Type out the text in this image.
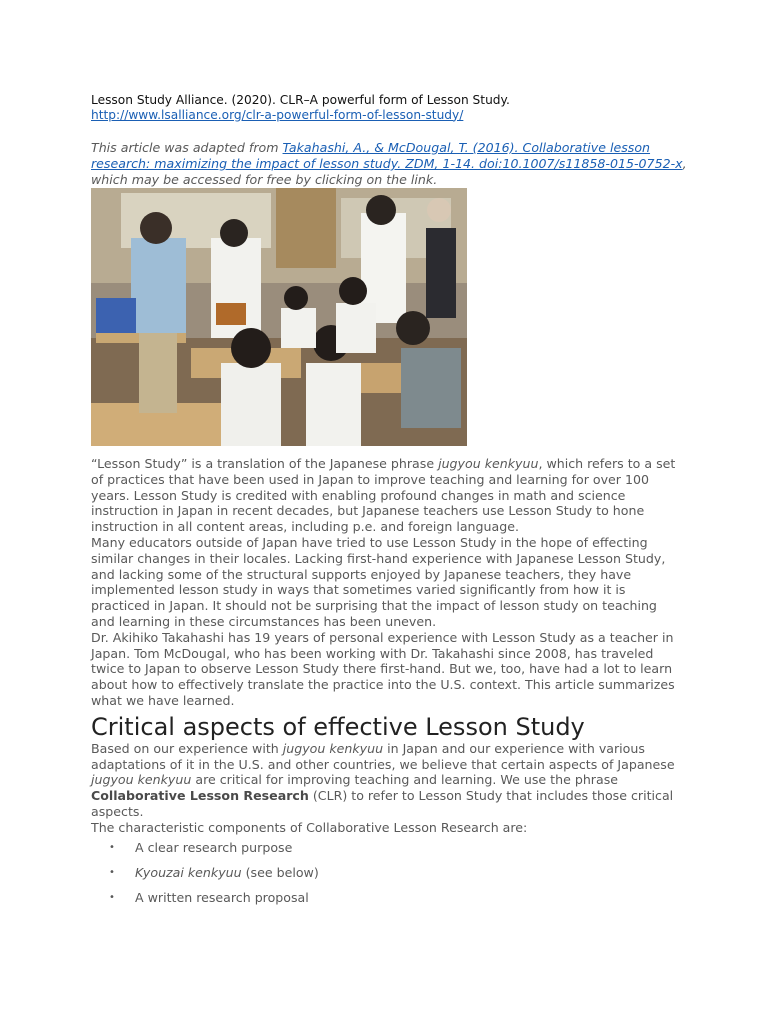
Lesson Study Alliance. (2020). CLR–A powerful form of Lesson Study. http://www.lsalliance.org/clr-a-powerful-form-of-lesson-study/

This article was adapted from Takahashi, A., & McDougal, T. (2016). Collaborative lesson research: maximizing the impact of lesson study. ZDM, 1-14. doi:10.1007/s11858-015-0752-x, which may be accessed for free by clicking on the link.

“Lesson Study” is a translation of the Japanese phrase jugyou kenkyuu, which refers to a set of practices that have been used in Japan to improve teaching and learning for over 100 years. Lesson Study is credited with enabling profound changes in math and science instruction in Japan in recent decades, but Japanese teachers use Lesson Study to hone instruction in all content areas, including p.e. and foreign language.

Many educators outside of Japan have tried to use Lesson Study in the hope of effecting similar changes in their locales. Lacking first-hand experience with Japanese Lesson Study, and lacking some of the structural supports enjoyed by Japanese teachers, they have implemented lesson study in ways that sometimes varied significantly from how it is practiced in Japan. It should not be surprising that the impact of lesson study on teaching and learning in these circumstances has been uneven.

Dr. Akihiko Takahashi has 19 years of personal experience with Lesson Study as a teacher in Japan. Tom McDougal, who has been working with Dr. Takahashi since 2008, has traveled twice to Japan to observe Lesson Study there first-hand. But we, too, have had a lot to learn about how to effectively translate the practice into the U.S. context. This article summarizes what we have learned.

Critical aspects of effective Lesson Study

Based on our experience with jugyou kenkyuu in Japan and our experience with various adaptations of it in the U.S. and other countries, we believe that certain aspects of Japanese jugyou kenkyuu are critical for improving teaching and learning. We use the phrase Collaborative Lesson Research (CLR) to refer to Lesson Study that includes those critical aspects.

The characteristic components of Collaborative Lesson Research are:

• A clear research purpose
• Kyouzai kenkyuu (see below)
• A written research proposal
